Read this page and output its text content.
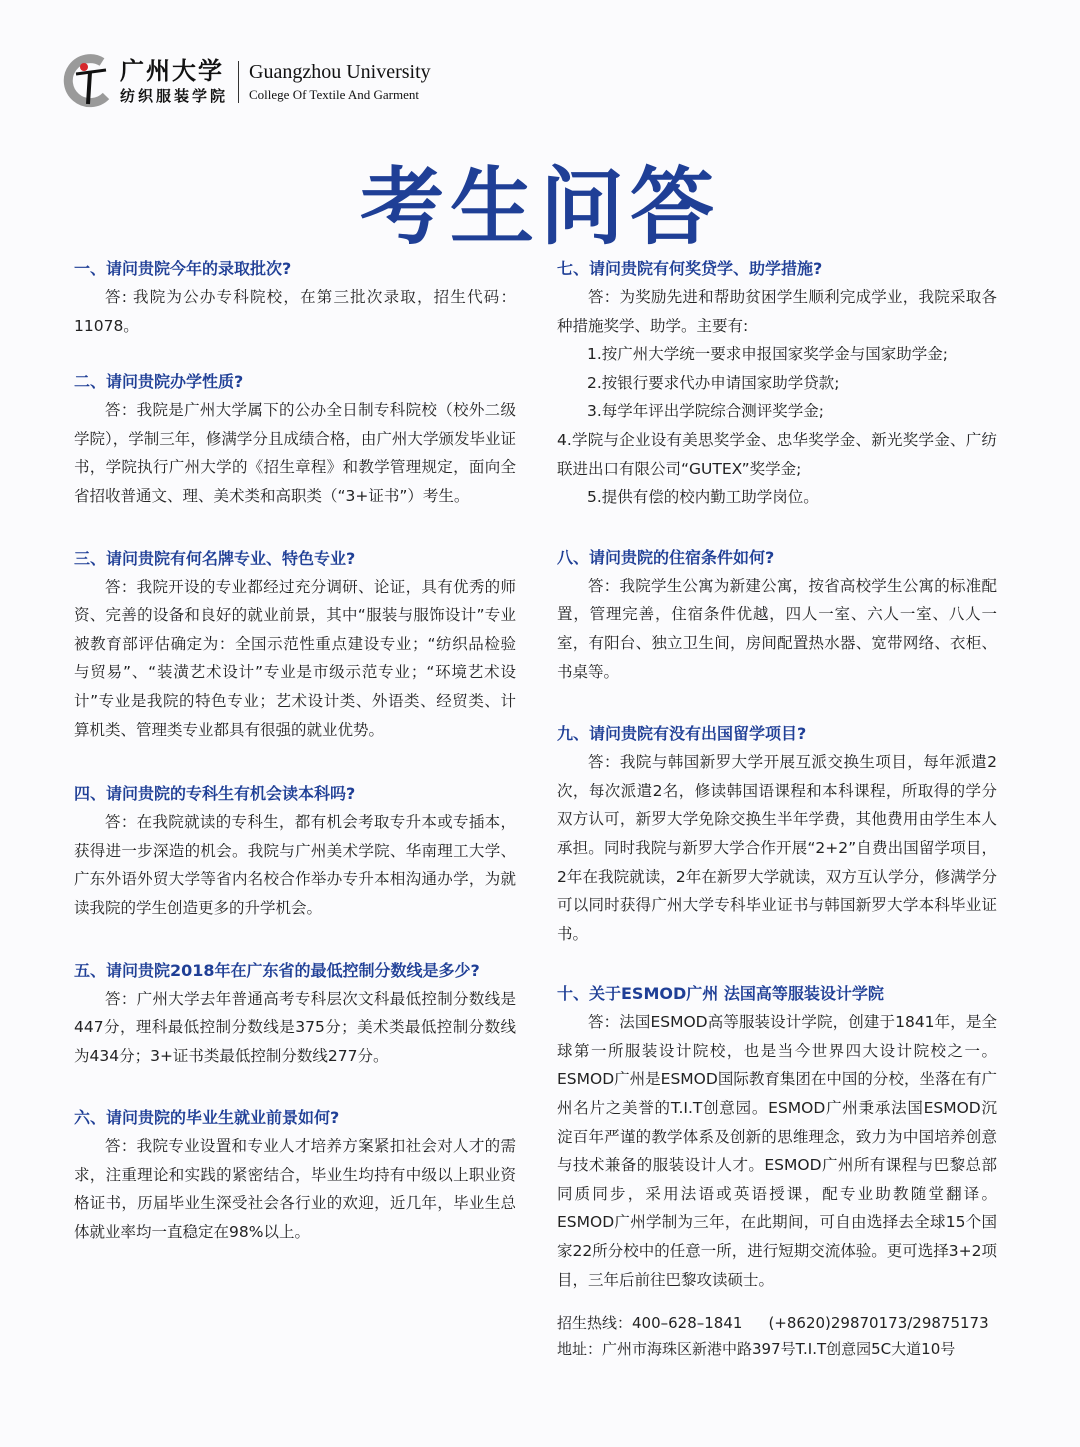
广州大学
纺织服装学院
Guangzhou University
College Of Textile And Garment
考生问答

一、请问贵院今年的录取批次?

答: 我院为公办专科院校，在第三批次录取，招生代码：11078。

二、请问贵院办学性质?

答：我院是广州大学属下的公办全日制专科院校（校外二级学院），学制三年，修满学分且成绩合格，由广州大学颁发毕业证书，学院执行广州大学的《招生章程》和教学管理规定，面向全省招收普通文、理、美术类和高职类（“3+证书”）考生。

三、请问贵院有何名牌专业、特色专业?

答：我院开设的专业都经过充分调研、论证，具有优秀的师资、完善的设备和良好的就业前景，其中“服装与服饰设计”专业被教育部评估确定为：全国示范性重点建设专业；“纺织品检验与贸易”、“装潢艺术设计”专业是市级示范专业；“环境艺术设计”专业是我院的特色专业；艺术设计类、外语类、经贸类、计算机类、管理类专业都具有很强的就业优势。

四、请问贵院的专科生有机会读本科吗?

答：在我院就读的专科生，都有机会考取专升本或专插本，获得进一步深造的机会。我院与广州美术学院、华南理工大学、广东外语外贸大学等省内名校合作举办专升本相沟通办学，为就读我院的学生创造更多的升学机会。

五、请问贵院2018年在广东省的最低控制分数线是多少?

答：广州大学去年普通高考专科层次文科最低控制分数线是447分，理科最低控制分数线是375分；美术类最低控制分数线为434分；3+证书类最低控制分数线277分。

六、请问贵院的毕业生就业前景如何?

答：我院专业设置和专业人才培养方案紧扣社会对人才的需求，注重理论和实践的紧密结合，毕业生均持有中级以上职业资格证书，历届毕业生深受社会各行业的欢迎，近几年，毕业生总体就业率均一直稳定在98%以上。

七、请问贵院有何奖贷学、助学措施?

答：为奖励先进和帮助贫困学生顺利完成学业，我院采取各种措施奖学、助学。主要有:

1.按广州大学统一要求申报国家奖学金与国家助学金;

2.按银行要求代办申请国家助学贷款;

3.每学年评出学院综合测评奖学金;

4.学院与企业设有美思奖学金、忠华奖学金、新光奖学金、广纺联进出口有限公司“GUTEX”奖学金;

5.提供有偿的校内勤工助学岗位。

八、请问贵院的住宿条件如何?

答：我院学生公寓为新建公寓，按省高校学生公寓的标准配置，管理完善，住宿条件优越，四人一室、六人一室、八人一室，有阳台、独立卫生间，房间配置热水器、宽带网络、衣柜、书桌等。

九、请问贵院有没有出国留学项目?

答：我院与韩国新罗大学开展互派交换生项目，每年派遣2次，每次派遣2名，修读韩国语课程和本科课程，所取得的学分双方认可，新罗大学免除交换生半年学费，其他费用由学生本人承担。同时我院与新罗大学合作开展“2+2”自费出国留学项目，2年在我院就读，2年在新罗大学就读，双方互认学分，修满学分可以同时获得广州大学专科毕业证书与韩国新罗大学本科毕业证书。

十、关于ESMOD广州 法国高等服装设计学院

答：法国ESMOD高等服装设计学院，创建于1841年，是全球第一所服装设计院校，也是当今世界四大设计院校之一。ESMOD广州是ESMOD国际教育集团在中国的分校，坐落在有广州名片之美誉的T.I.T创意园。ESMOD广州秉承法国ESMOD沉淀百年严谨的教学体系及创新的思维理念，致力为中国培养创意与技术兼备的服装设计人才。ESMOD广州所有课程与巴黎总部同质同步，采用法语或英语授课，配专业助教随堂翻译。ESMOD广州学制为三年，在此期间，可自由选择去全球15个国家22所分校中的任意一所，进行短期交流体验。更可选择3+2项目，三年后前往巴黎攻读硕士。

招生热线：400–628–1841 (+8620)29870173/29875173

地址：广州市海珠区新港中路397号T.I.T创意园5C大道10号
